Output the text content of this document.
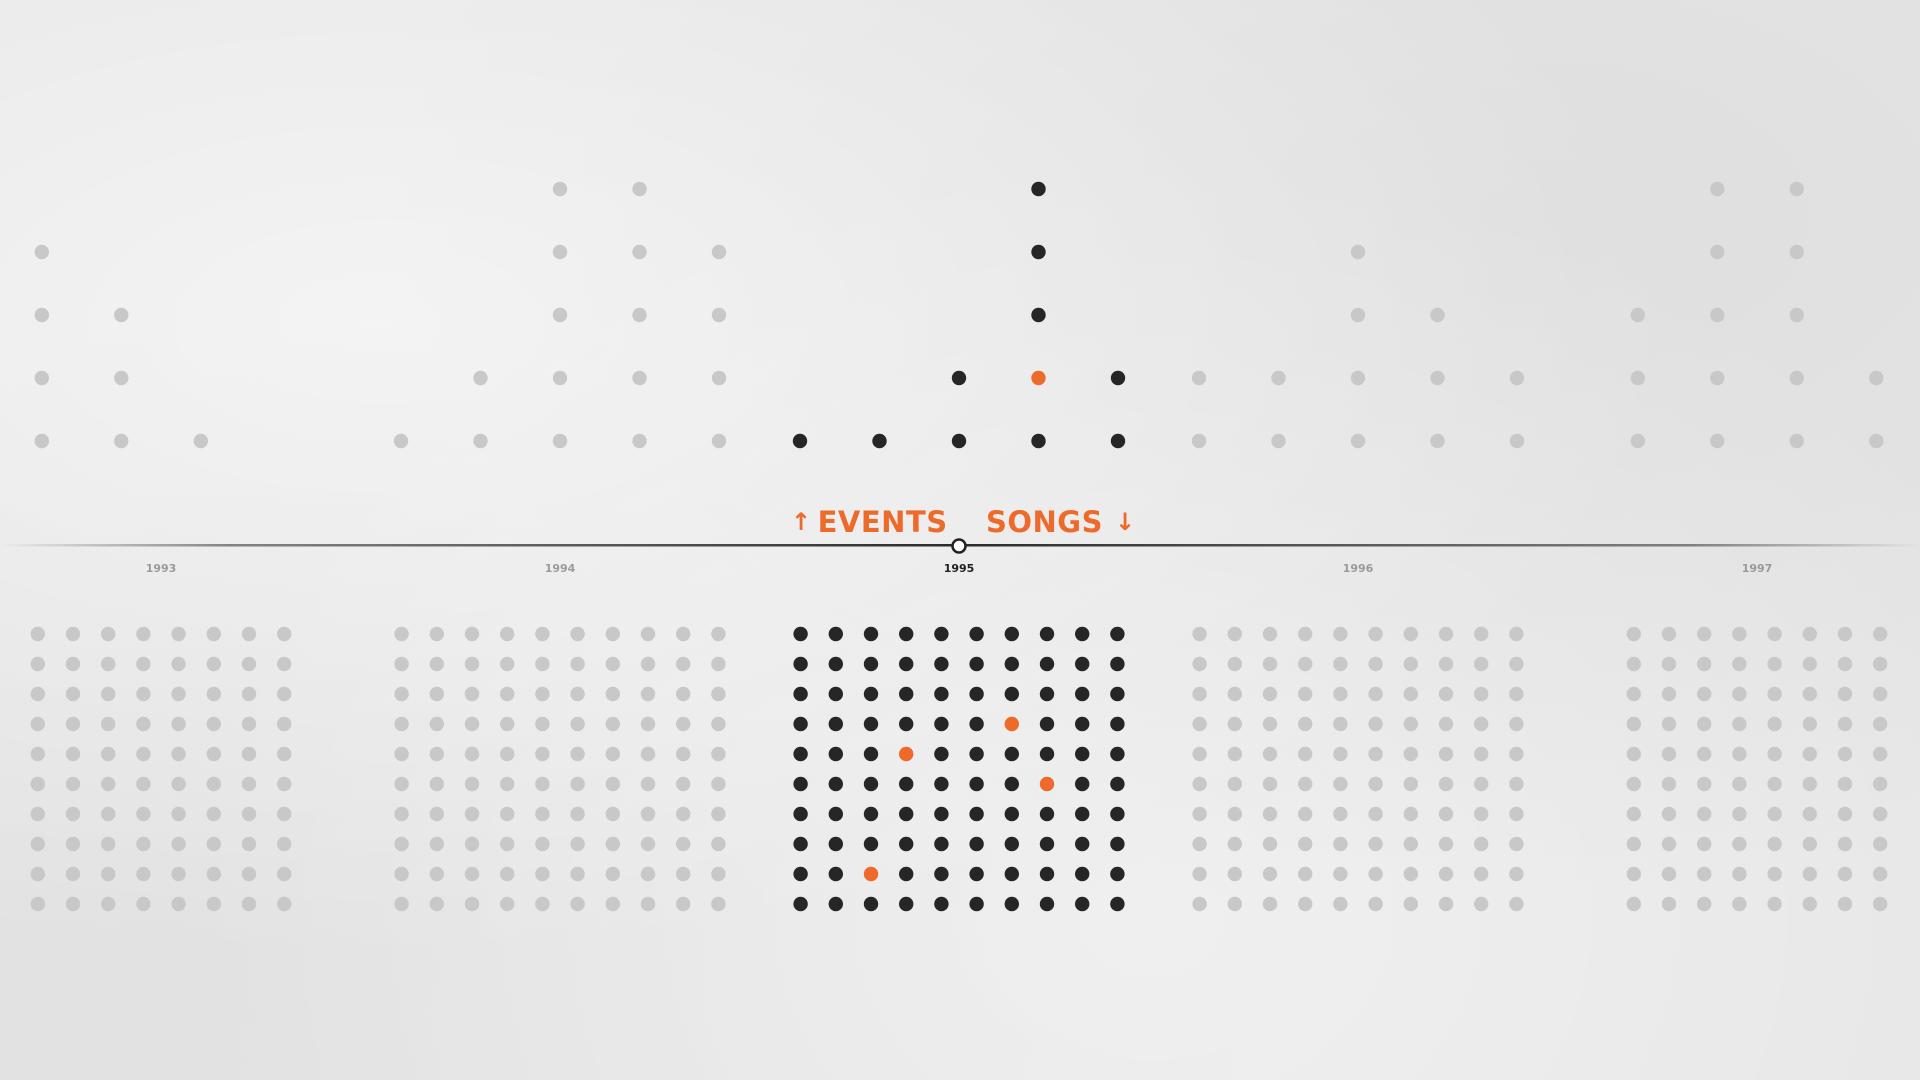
1993	1994	1995	1996	1997
↑ EVENTS SONGS ↓
